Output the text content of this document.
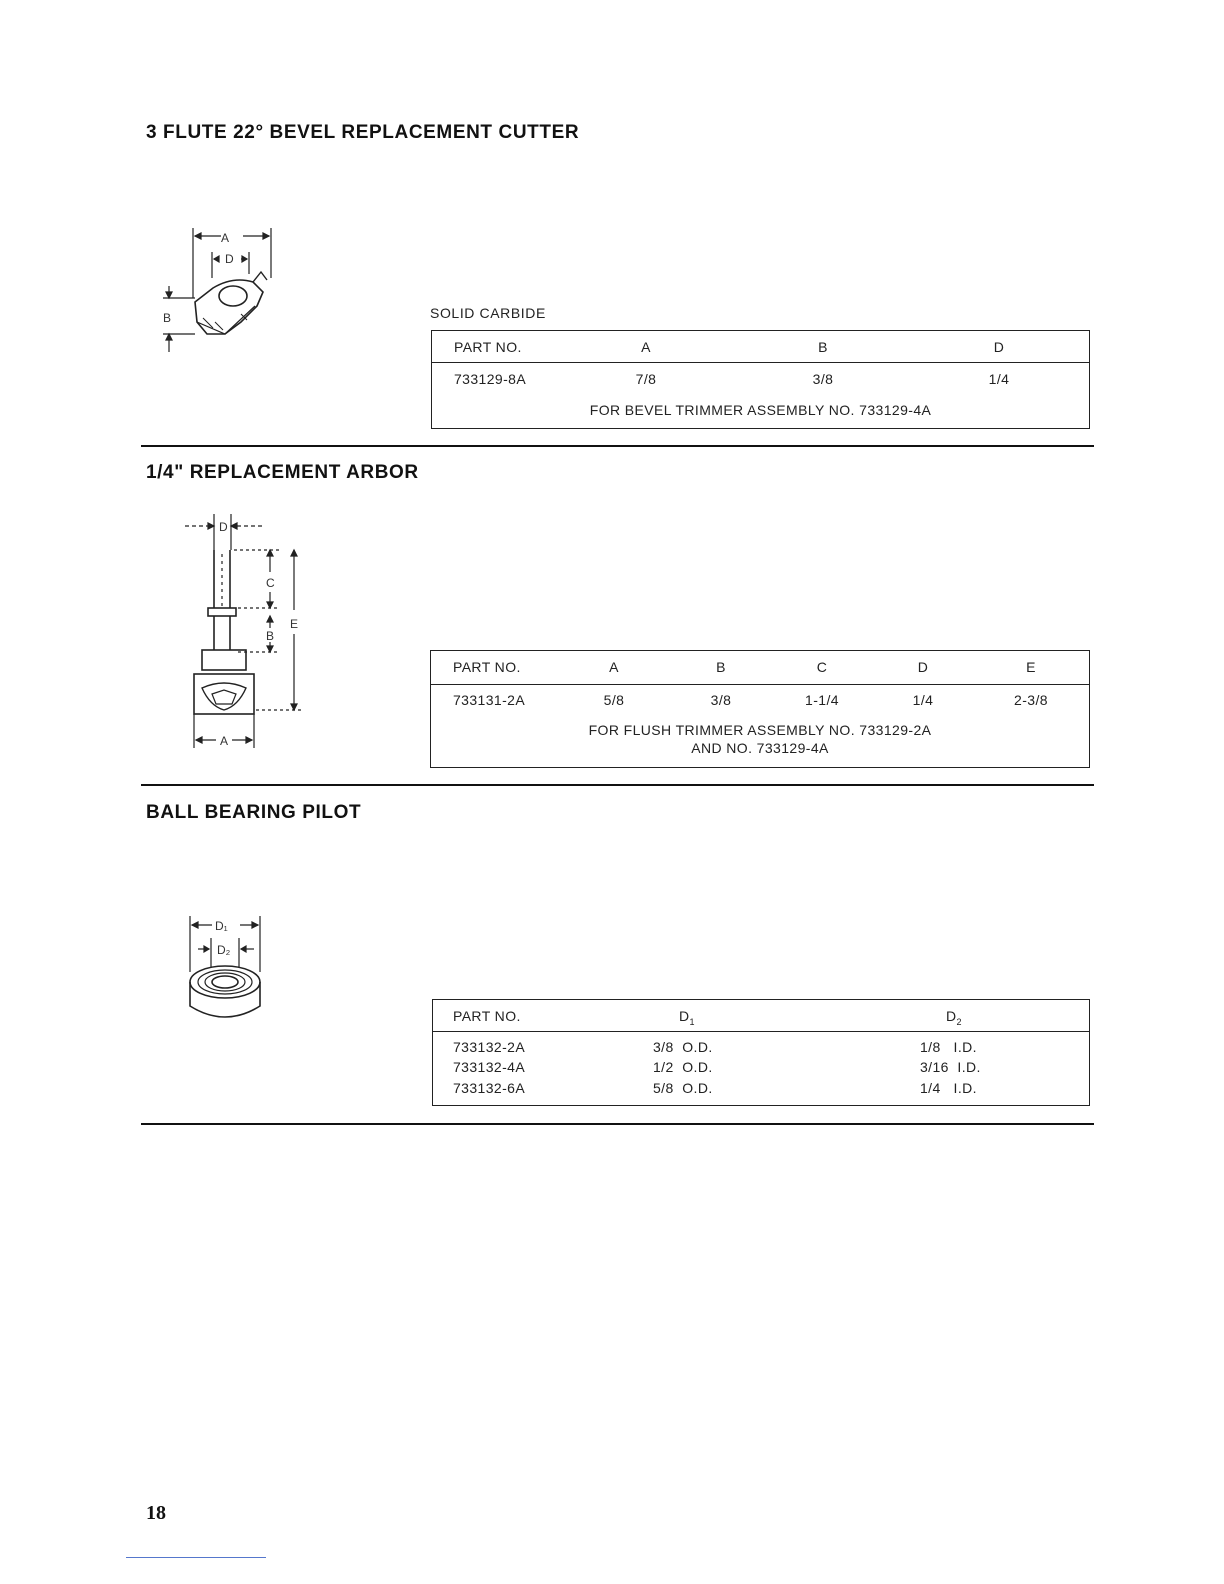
3 FLUTE 22° BEVEL REPLACEMENT CUTTER
A
D
B	SOLID CARBIDE
PART NO.	A	B	D
733129-8A	7/8	3/8	1/4
FOR BEVEL TRIMMER ASSEMBLY NO. 733129-4A
1/4" REPLACEMENT ARBOR
D
C
B
E
A
PART NO.	A	B	C	D	E
733131-2A	5/8	3/8	1-1/4	1/4	2-3/8
FOR FLUSH TRIMMER ASSEMBLY NO. 733129-2A
AND NO. 733129-4A
BALL BEARING PILOT
D₁
D₂
PART NO.	$D_1$	$D_2$
733132-2A	3/8  O.D.	1/8   I.D.
733132-4A	1/2  O.D.	3/16  I.D.
733132-6A	5/8  O.D.	1/4   I.D.
18
